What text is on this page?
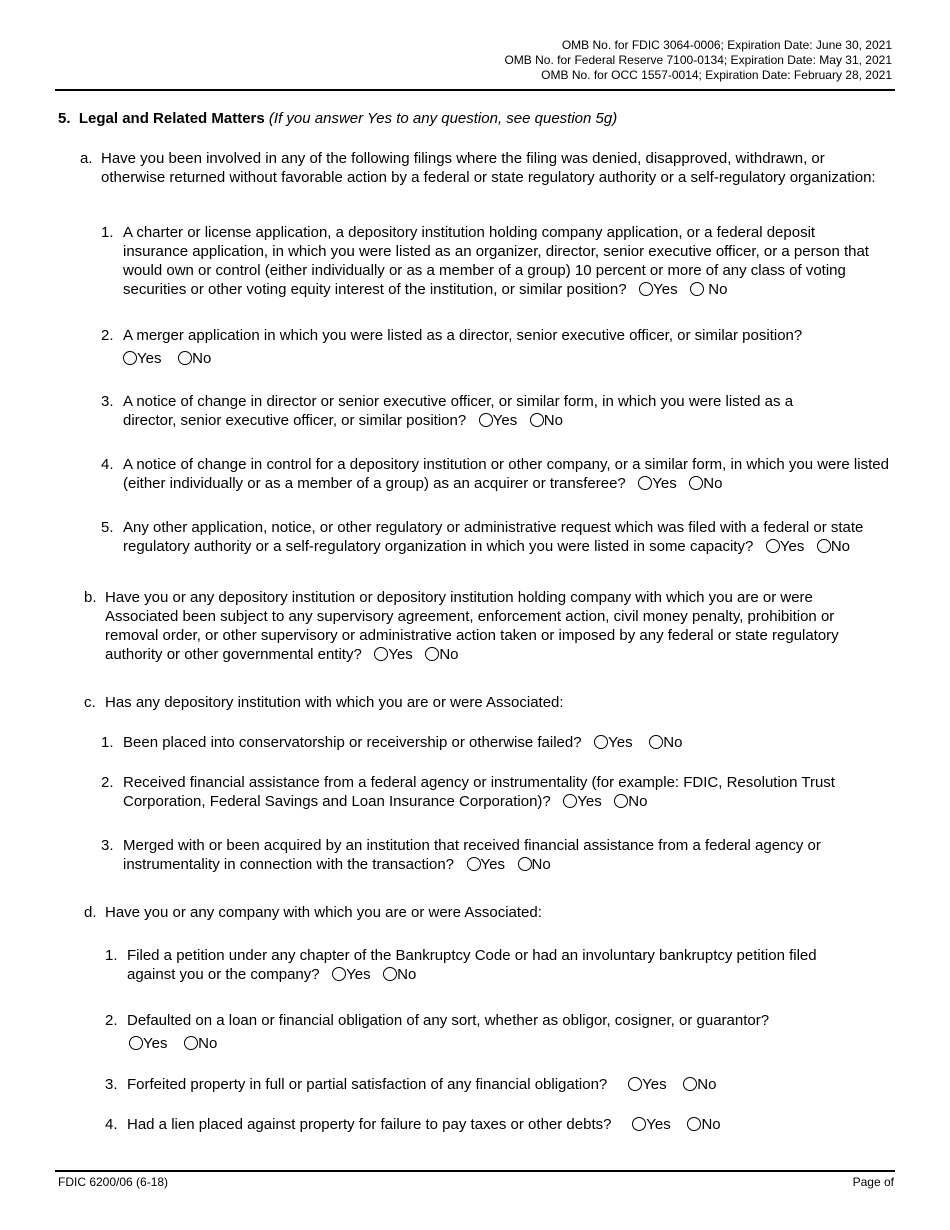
OMB No. for FDIC 3064-0006; Expiration Date: June 30, 2021
OMB No. for Federal Reserve 7100-0134; Expiration Date: May 31, 2021
OMB No. for OCC 1557-0014; Expiration Date: February 28, 2021
5. Legal and Related Matters (If you answer Yes to any question, see question 5g)
a. Have you been involved in any of the following filings where the filing was denied, disapproved, withdrawn, or otherwise returned without favorable action by a federal or state regulatory authority or a self-regulatory organization:
1. A charter or license application, a depository institution holding company application, or a federal deposit insurance application, in which you were listed as an organizer, director, senior executive officer, or a person that would own or control (either individually or as a member of a group) 10 percent or more of any class of voting securities or other voting equity interest of the institution, or similar position? Yes No
2. A merger application in which you were listed as a director, senior executive officer, or similar position?
Yes No
3. A notice of change in director or senior executive officer, or similar form, in which you were listed as a director, senior executive officer, or similar position? Yes No
4. A notice of change in control for a depository institution or other company, or a similar form, in which you were listed (either individually or as a member of a group) as an acquirer or transferee? Yes No
5. Any other application, notice, or other regulatory or administrative request which was filed with a federal or state regulatory authority or a self-regulatory organization in which you were listed in some capacity? Yes No
b. Have you or any depository institution or depository institution holding company with which you are or were Associated been subject to any supervisory agreement, enforcement action, civil money penalty, prohibition or removal order, or other supervisory or administrative action taken or imposed by any federal or state regulatory authority or other governmental entity? Yes No
c. Has any depository institution with which you are or were Associated:
1. Been placed into conservatorship or receivership or otherwise failed? Yes No
2. Received financial assistance from a federal agency or instrumentality (for example: FDIC, Resolution Trust Corporation, Federal Savings and Loan Insurance Corporation)? Yes No
3. Merged with or been acquired by an institution that received financial assistance from a federal agency or instrumentality in connection with the transaction? Yes No
d. Have you or any company with which you are or were Associated:
1. Filed a petition under any chapter of the Bankruptcy Code or had an involuntary bankruptcy petition filed against you or the company? Yes No
2. Defaulted on a loan or financial obligation of any sort, whether as obligor, cosigner, or guarantor?
Yes No
3. Forfeited property in full or partial satisfaction of any financial obligation? Yes No
4. Had a lien placed against property for failure to pay taxes or other debts? Yes No
FDIC 6200/06 (6-18)	Page of
